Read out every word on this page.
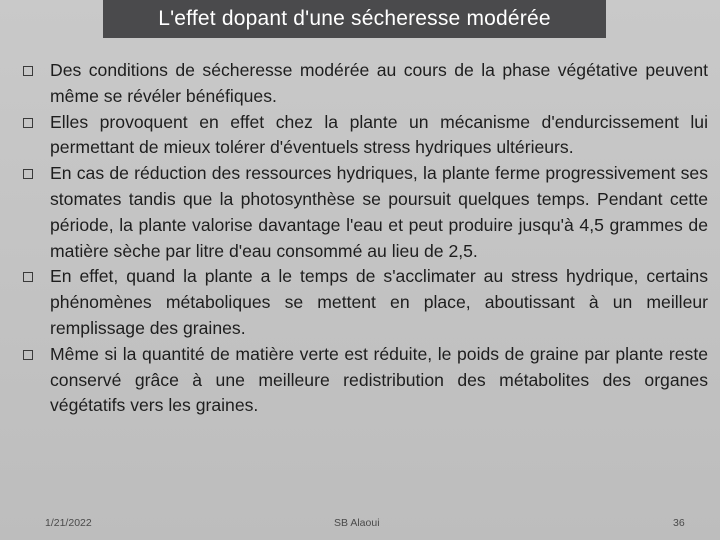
L'effet dopant d'une sécheresse modérée
Des conditions de sécheresse modérée au cours de la phase végétative peuvent même se révéler bénéfiques.
Elles provoquent en effet chez la plante un mécanisme d'endurcissement lui permettant de mieux tolérer d'éventuels stress hydriques ultérieurs.
En cas de réduction des ressources hydriques, la plante ferme progressivement ses stomates tandis que la photosynthèse se poursuit quelques temps. Pendant cette période, la plante valorise davantage l'eau et peut produire jusqu'à 4,5 grammes de matière sèche par litre d'eau consommé au lieu de 2,5.
En effet, quand la plante a le temps de s'acclimater au stress hydrique, certains phénomènes métaboliques se mettent en place, aboutissant à un meilleur remplissage des graines.
Même si la quantité de matière verte est réduite, le poids de graine par plante reste conservé grâce à une meilleure redistribution des métabolites des organes végétatifs vers les graines.
1/21/2022	SB Alaoui	36
